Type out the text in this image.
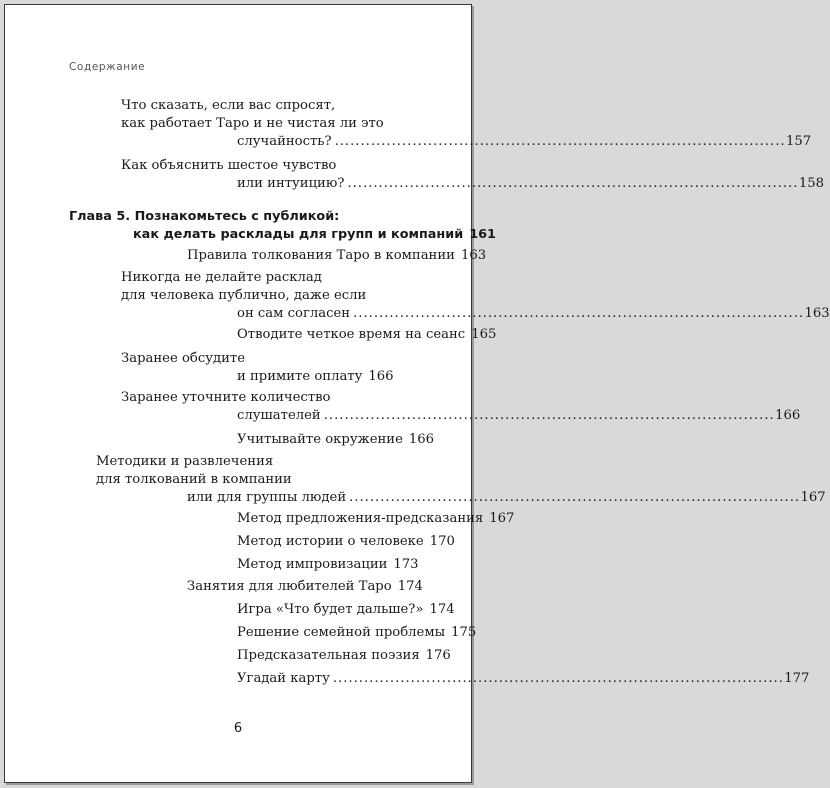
Содержание
Что сказать, если вас спросят,
как работает Таро и не чистая ли это
случайность? . . .	157
Как объяснить шестое чувство
или интуицию? . . .	158
Глава 5. Познакомьтесь с публикой:
как делать расклады для групп и компаний 161
Правила толкования Таро в компании 163
Никогда не делайте расклад
для человека публично, даже если
он сам согласен . . .	163
Отводите четкое время на сеанс 165
Заранее обсудите
и примите оплату 166
Заранее уточните количество
слушателей . . .	166
Учитывайте окружение 166
Методики и развлечения
для толкований в компании
или для группы людей . . .	167
Метод предложения-предсказания 167
Метод истории о человеке 170
Метод импровизации 173
Занятия для любителей Таро 174
Игра «Что будет дальше?» 174
Решение семейной проблемы 175
Предсказательная поэзия 176
Угадай карту . . .	177
6
